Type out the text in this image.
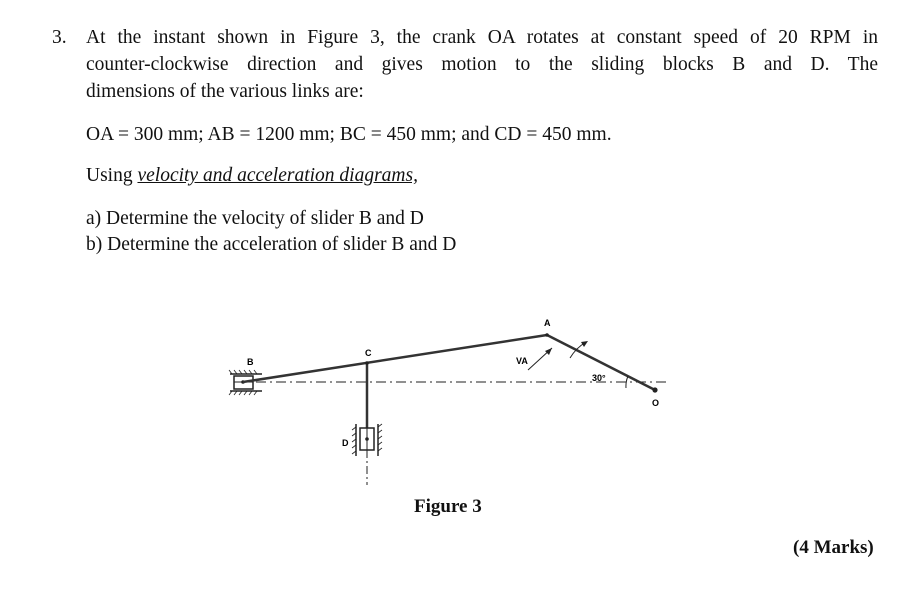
3. At the instant shown in Figure 3, the crank OA rotates at constant speed of 20 RPM in
counter-clockwise direction and gives motion to the sliding blocks B and D. The
dimensions of the various links are:
OA = 300 mm; AB = 1200 mm; BC = 450 mm; and CD = 450 mm.
Using velocity and acceleration diagrams,
a) Determine the velocity of slider B and D
b) Determine the acceleration of slider B and D
B
C
D
A
O
VA
30°
Figure 3
(4 Marks)
